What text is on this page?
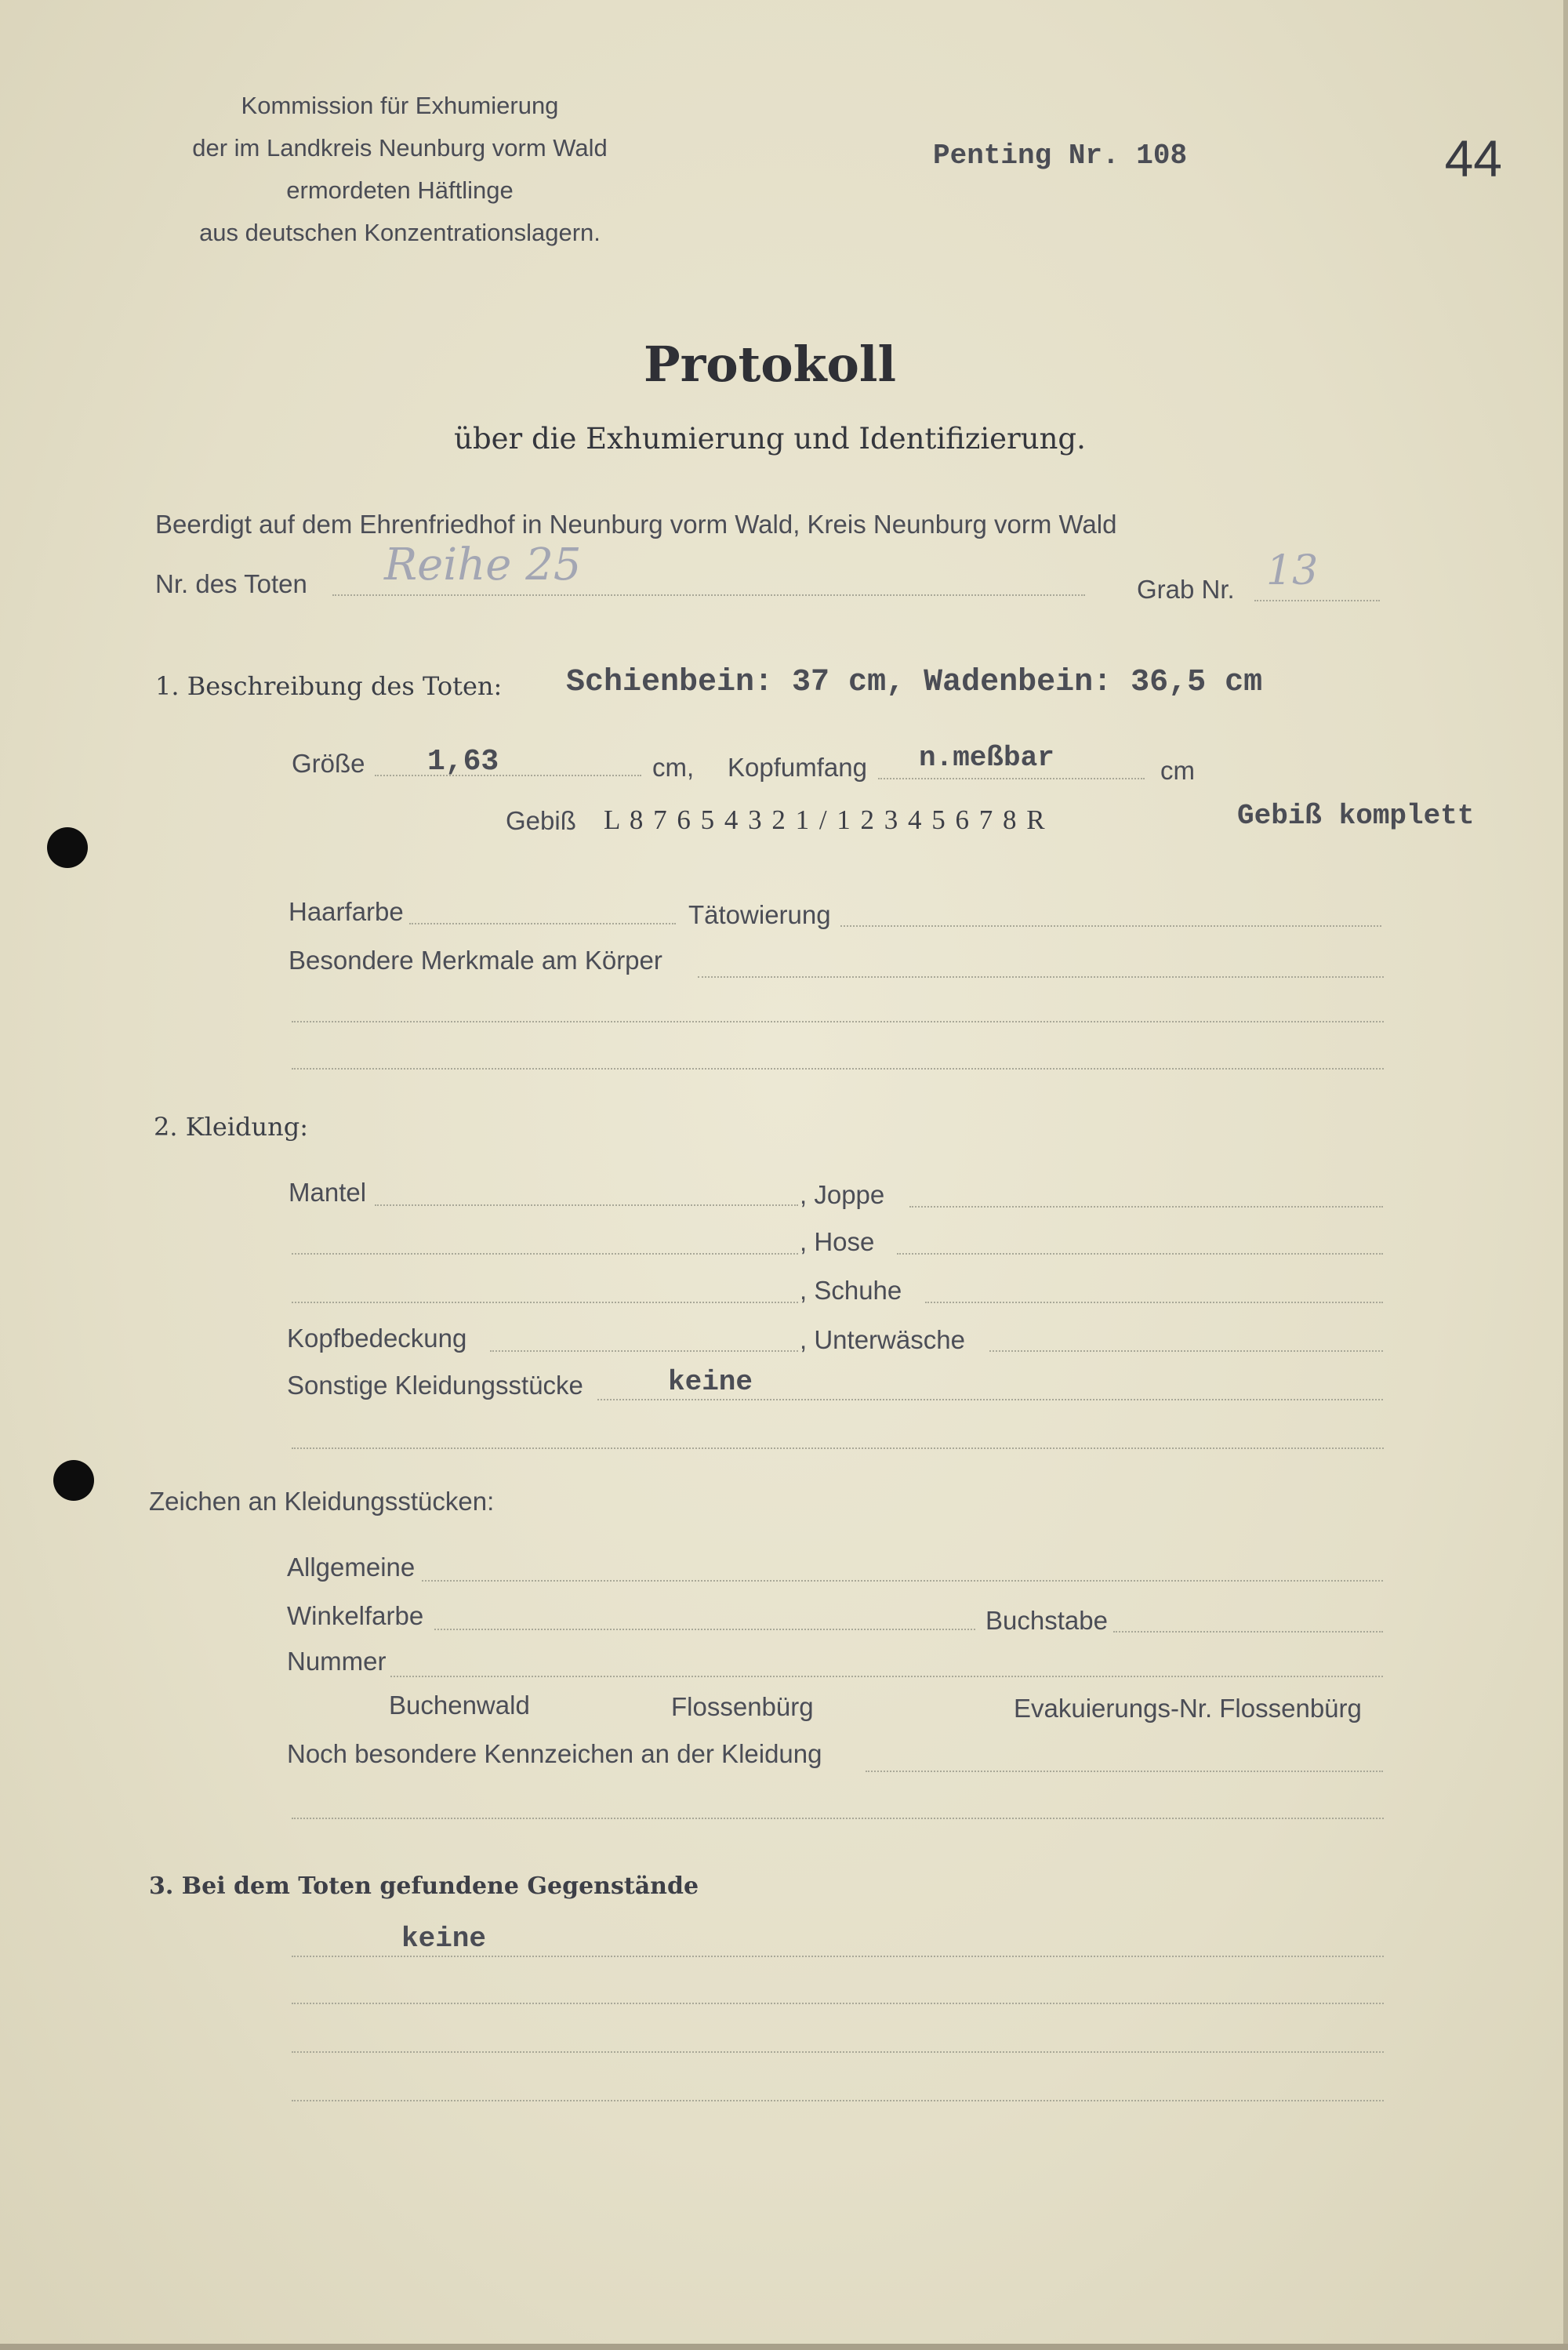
Kommission für Exhumierung
der im Landkreis Neunburg vorm Wald
ermordeten Häftlinge
aus deutschen Konzentrationslagern.
Penting Nr. 108	44
Protokoll
über die Exhumierung und Identifizierung.
Beerdigt auf dem Ehrenfriedhof in Neunburg vorm Wald, Kreis Neunburg vorm Wald
Nr. des Toten Reihe 25	Grab Nr. 13
1. Beschreibung des Toten: Schienbein: 37 cm, Wadenbein: 36,5 cm
Größe 1,63	cm, Kopfumfang n.meßbar	cm
Gebiß L 8 7 6 5 4 3 2 1 / 1 2 3 4 5 6 7 8 R	Gebiß komplett
Haarfarbe	Tätowierung
Besondere Merkmale am Körper
2. Kleidung:
Mantel	, Joppe
, Hose
, Schuhe
Kopfbedeckung	, Unterwäsche
Sonstige Kleidungsstücke	keine
Zeichen an Kleidungsstücken:
Allgemeine
Winkelfarbe	Buchstabe
Nummer
Buchenwald	Flossenbürg	Evakuierungs-Nr. Flossenbürg
Noch besondere Kennzeichen an der Kleidung
3. Bei dem Toten gefundene Gegenstände
keine
